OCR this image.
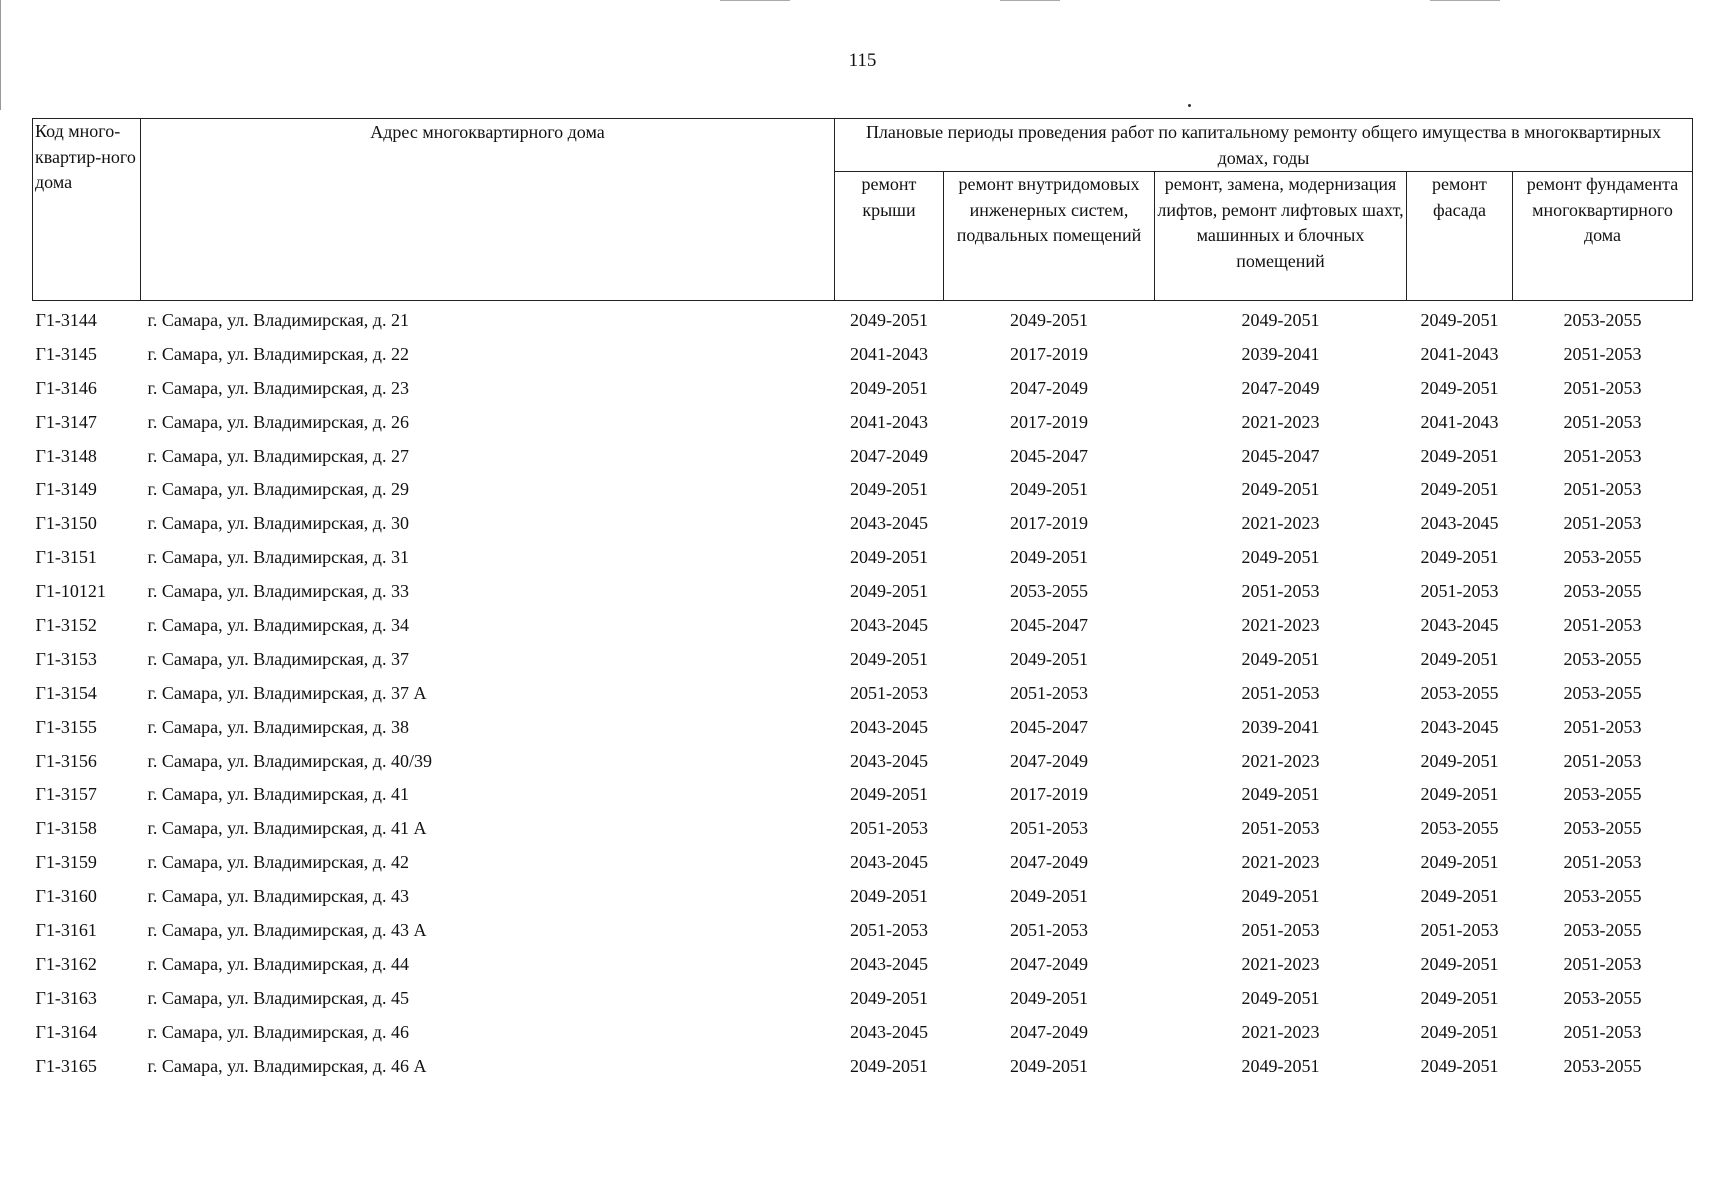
115
Код много-квартир-ного дома	Адрес многоквартирного дома	Плановые периоды проведения работ по капитальному ремонту общего имущества в многоквартирных домах, годы				
		ремонт крыши	ремонт внутридомовых инженерных систем, подвальных помещений	ремонт, замена, модернизация лифтов, ремонт лифтовых шахт, машинных и блочных помещений	ремонт фасада	ремонт фундамента многоквартирного дома
Г1-3144	г. Самара, ул. Владимирская, д. 21	2049-2051	2049-2051	2049-2051	2049-2051	2053-2055
Г1-3145	г. Самара, ул. Владимирская, д. 22	2041-2043	2017-2019	2039-2041	2041-2043	2051-2053
Г1-3146	г. Самара, ул. Владимирская, д. 23	2049-2051	2047-2049	2047-2049	2049-2051	2051-2053
Г1-3147	г. Самара, ул. Владимирская, д. 26	2041-2043	2017-2019	2021-2023	2041-2043	2051-2053
Г1-3148	г. Самара, ул. Владимирская, д. 27	2047-2049	2045-2047	2045-2047	2049-2051	2051-2053
Г1-3149	г. Самара, ул. Владимирская, д. 29	2049-2051	2049-2051	2049-2051	2049-2051	2051-2053
Г1-3150	г. Самара, ул. Владимирская, д. 30	2043-2045	2017-2019	2021-2023	2043-2045	2051-2053
Г1-3151	г. Самара, ул. Владимирская, д. 31	2049-2051	2049-2051	2049-2051	2049-2051	2053-2055
Г1-10121	г. Самара, ул. Владимирская, д. 33	2049-2051	2053-2055	2051-2053	2051-2053	2053-2055
Г1-3152	г. Самара, ул. Владимирская, д. 34	2043-2045	2045-2047	2021-2023	2043-2045	2051-2053
Г1-3153	г. Самара, ул. Владимирская, д. 37	2049-2051	2049-2051	2049-2051	2049-2051	2053-2055
Г1-3154	г. Самара, ул. Владимирская, д. 37 А	2051-2053	2051-2053	2051-2053	2053-2055	2053-2055
Г1-3155	г. Самара, ул. Владимирская, д. 38	2043-2045	2045-2047	2039-2041	2043-2045	2051-2053
Г1-3156	г. Самара, ул. Владимирская, д. 40/39	2043-2045	2047-2049	2021-2023	2049-2051	2051-2053
Г1-3157	г. Самара, ул. Владимирская, д. 41	2049-2051	2017-2019	2049-2051	2049-2051	2053-2055
Г1-3158	г. Самара, ул. Владимирская, д. 41 А	2051-2053	2051-2053	2051-2053	2053-2055	2053-2055
Г1-3159	г. Самара, ул. Владимирская, д. 42	2043-2045	2047-2049	2021-2023	2049-2051	2051-2053
Г1-3160	г. Самара, ул. Владимирская, д. 43	2049-2051	2049-2051	2049-2051	2049-2051	2053-2055
Г1-3161	г. Самара, ул. Владимирская, д. 43 А	2051-2053	2051-2053	2051-2053	2051-2053	2053-2055
Г1-3162	г. Самара, ул. Владимирская, д. 44	2043-2045	2047-2049	2021-2023	2049-2051	2051-2053
Г1-3163	г. Самара, ул. Владимирская, д. 45	2049-2051	2049-2051	2049-2051	2049-2051	2053-2055
Г1-3164	г. Самара, ул. Владимирская, д. 46	2043-2045	2047-2049	2021-2023	2049-2051	2051-2053
Г1-3165	г. Самара, ул. Владимирская, д. 46 А	2049-2051	2049-2051	2049-2051	2049-2051	2053-2055
